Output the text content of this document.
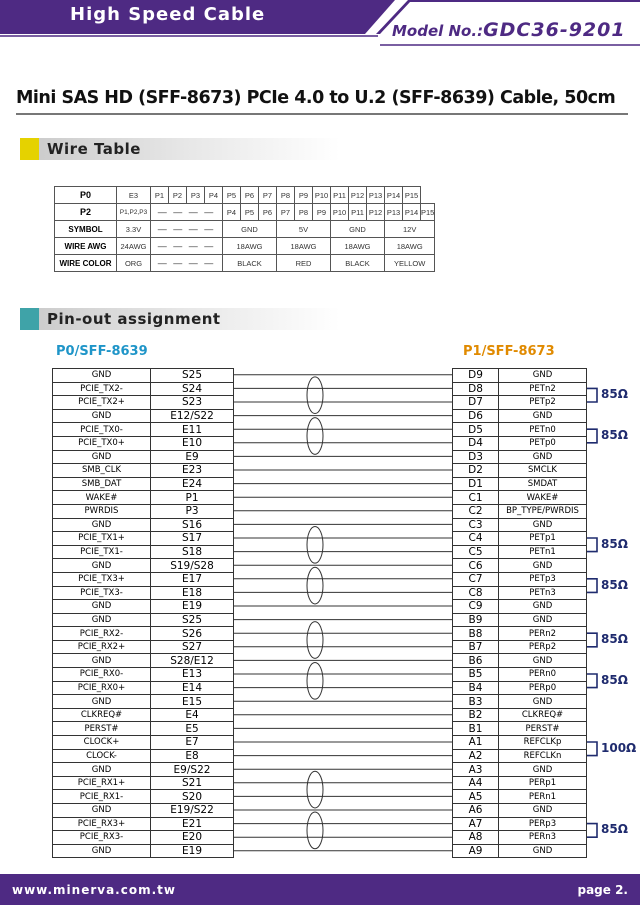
High Speed Cable
Model No.:GDC36-9201
Mini SAS HD (SFF-8673) PCIe 4.0 to U.2 (SFF-8639) Cable, 50cm
Wire Table
P0	E3	P1	P2	P3	P4	P5	P6	P7	P8	P9	P10	P11	P12	P13	P14	P15	
P2	P1,P2,P3	— — — —				P4	P5	P6	P7	P8	P9	P10	P11	P12	P13	P14	P15
SYMBOL	3.3V	— — — —				GND			5V			GND			12V		
WIRE AWG	24AWG	— — — —				18AWG			18AWG			18AWG			18AWG		
WIRE COLOR	ORG	— — — —				BLACK			RED			BLACK			YELLOW		
Pin-out assignment
P0/SFF-8639	P1/SFF-8673
GND	S25
PCIE_TX2-	S24
PCIE_TX2+	S23
GND	E12/S22
PCIE_TX0-	E11
PCIE_TX0+	E10
GND	E9
SMB_CLK	E23
SMB_DAT	E24
WAKE#	P1
PWRDIS	P3
GND	S16
PCIE_TX1+	S17
PCIE_TX1-	S18
GND	S19/S28
PCIE_TX3+	E17
PCIE_TX3-	E18
GND	E19
GND	S25
PCIE_RX2-	S26
PCIE_RX2+	S27
GND	S28/E12
PCIE_RX0-	E13
PCIE_RX0+	E14
GND	E15
CLKREQ#	E4
PERST#	E5
CLOCK+	E7
CLOCK-	E8
GND	E9/S22
PCIE_RX1+	S21
PCIE_RX1-	S20
GND	E19/S22
PCIE_RX3+	E21
PCIE_RX3-	E20
GND	E19
D9	GND
D8	PETn2
D7	PETp2
D6	GND
D5	PETn0
D4	PETp0
D3	GND
D2	SMCLK
D1	SMDAT
C1	WAKE#
C2	BP_TYPE/PWRDIS
C3	GND
C4	PETp1
C5	PETn1
C6	GND
C7	PETp3
C8	PETn3
C9	GND
B9	GND
B8	PERn2
B7	PERp2
B6	GND
B5	PERn0
B4	PERp0
B3	GND
B2	CLKREQ#
B1	PERST#
A1	REFCLKp
A2	REFCLKn
A3	GND
A4	PERp1
A5	PERn1
A6	GND
A7	PERp3
A8	PERn3
A9	GND
85Ω
85Ω
85Ω
85Ω
85Ω
85Ω
100Ω
85Ω
www.minerva.com.tw	page 2.
